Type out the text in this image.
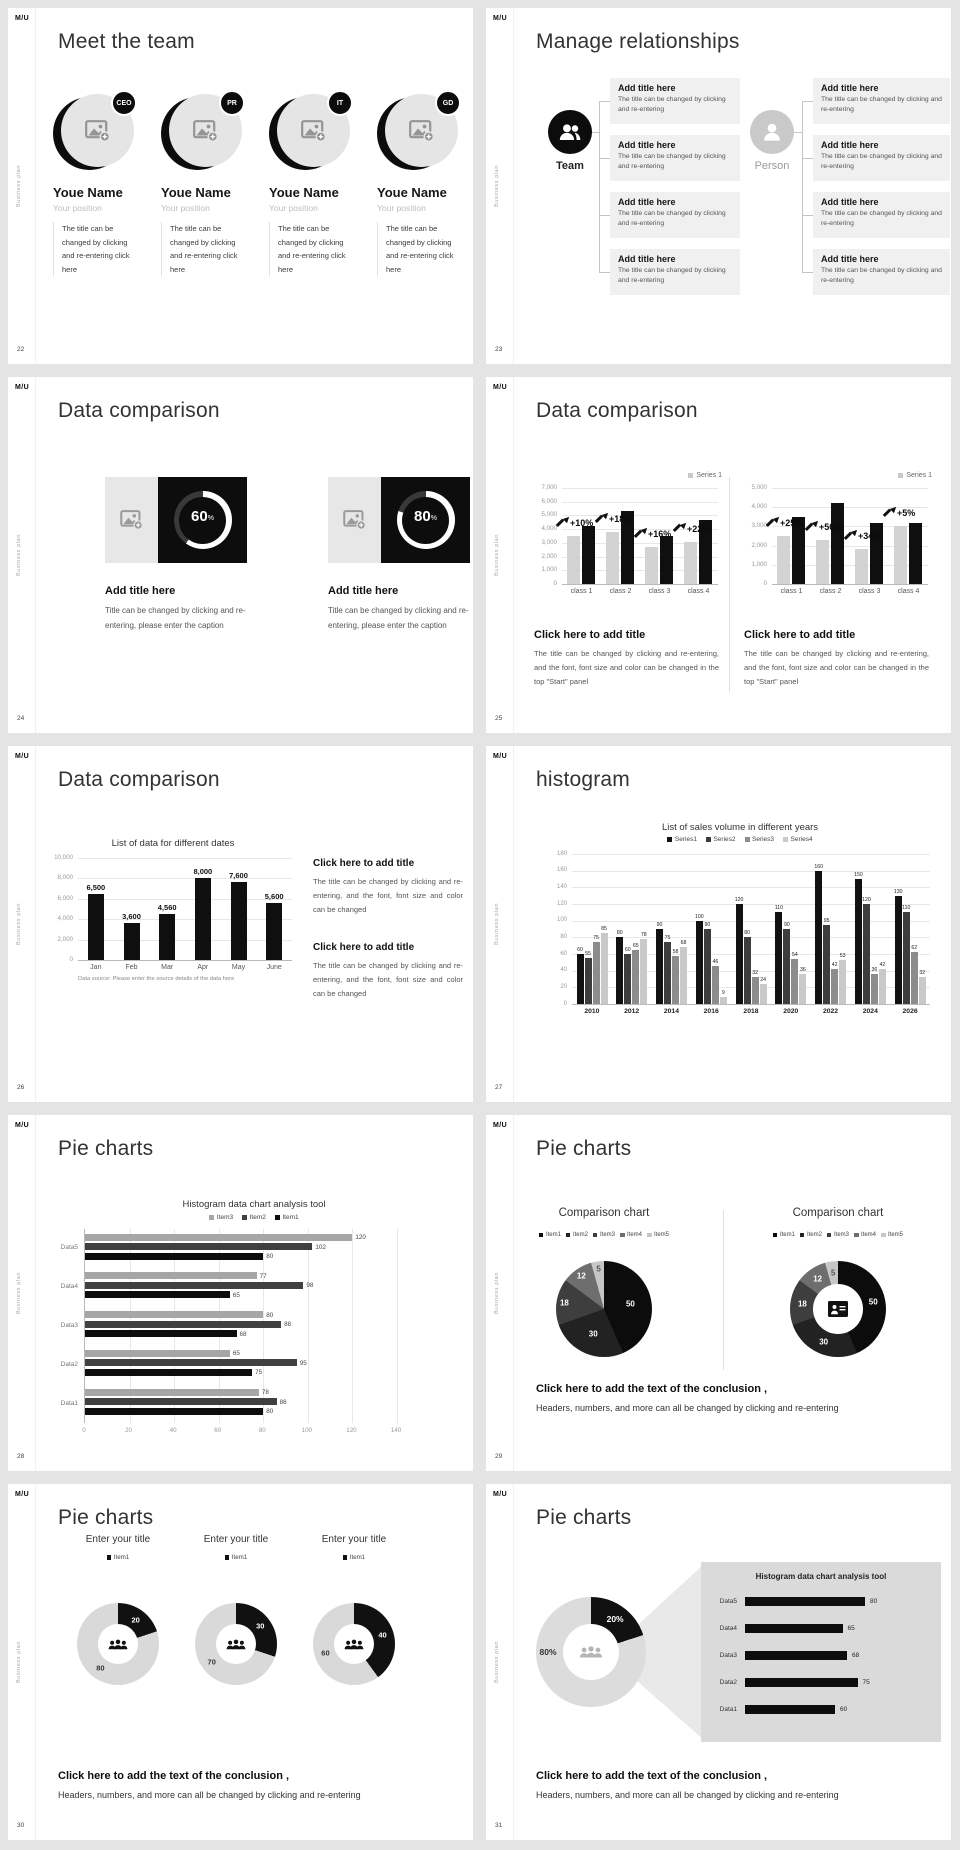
M/U
Business plan
22
Meet the team
CEO
Youe Name
Your position
The title can be changed by clicking and re-entering click here
PR
Youe Name
Your position
The title can be changed by clicking and re-entering click here
IT
Youe Name
Your position
The title can be changed by clicking and re-entering click here
GD
Youe Name
Your position
The title can be changed by clicking and re-entering click here
M/U
Business plan
23
Manage relationships
Team	Person
Add title here
The title can be changed by clicking and re-entering
Add title here
The title can be changed by clicking and re-entering
Add title here
The title can be changed by clicking and re-entering
Add title here
The title can be changed by clicking and re-entering
Add title here
The title can be changed by clicking and re-entering
Add title here
The title can be changed by clicking and re-entering
Add title here
The title can be changed by clicking and re-entering
Add title here
The title can be changed by clicking and re-entering
M/U
Business plan
24
Data comparison
60 %
Add title here
Title can be changed by clicking and re-entering, please enter the caption
80 %
Add title here
Title can be changed by clicking and re-entering, please enter the caption
M/U
Business plan
25
Data comparison
Series 1
+10% +18%
+16%
+22%
0
1,000
2,000
3,000
4,000
5,000
6,000
7,000
class 1	class 2	class 3	class 4
Click here to add title
The title can be changed by clicking and re-entering, and the font, font size and color can be changed in the top "Start" panel
Series 1
+25% +50%
+34%
+5%
0
1,000
2,000
3,000
4,000
5,000
class 1	class 2	class 3	class 4
Click here to add title
The title can be changed by clicking and re-entering, and the font, font size and color can be changed in the top "Start" panel
M/U
Business plan
26
Data comparison
List of data for different dates
6,500
3,600
4,560
8,000	7,600
5,600
0
2,000
4,000
6,000
8,000
10,000
Jan	Feb	Mar	Apr	May	June
Data source: Please enter the source details of the data here
Click here to add title
The title can be changed by clicking and re-entering, and the font, font size and color can be changed
Click here to add title
The title can be changed by clicking and re-entering, and the font, font size and color can be changed
M/U
Business plan
27
histogram
List of sales volume in different years
Series1	Series2	Series3	Series4
60
55
75
85
80
60
65
78
90
75
58
68
100
90
46
9
120
80
32
24
110
90
54
36
160
95
42
53
150
120
36
42
130
110
62
32
0
20
40
60
80
100
120
140
160
180
2010	2012	2014	2016	2018	2020	2022	2024	2026
M/U
Business plan
28
Pie charts
Histogram data chart analysis tool
Item3	Item2	Item1
120
102
80
77
98
65
80
88
68
65
95
75
78
86
80
0	20	40	60	80	100	120	140
Data5
Data4
Data3
Data2
Data1
M/U
Business plan
29
Pie charts
Comparison chart
Item1 Item2 Item3 Item4 Item5
50
30
18
12
5
Comparison chart
Item1 Item2 Item3 Item4 Item5
50
30
18
12
5
Click here to add the text of the conclusion ,
Headers, numbers, and more can all be changed by clicking and re-entering
M/U
Business plan
30
Pie charts
Enter your title
Item1
20
80
Enter your title
Item1
30
70
Enter your title
Item1
40
60
Click here to add the text of the conclusion ,
Headers, numbers, and more can all be changed by clicking and re-entering
M/U
Business plan
31
Pie charts
20%
80%
Histogram data chart analysis tool
Data5	80
Data4	65
Data3	68
Data2	75
Data1	60
Click here to add the text of the conclusion ,
Headers, numbers, and more can all be changed by clicking and re-entering
